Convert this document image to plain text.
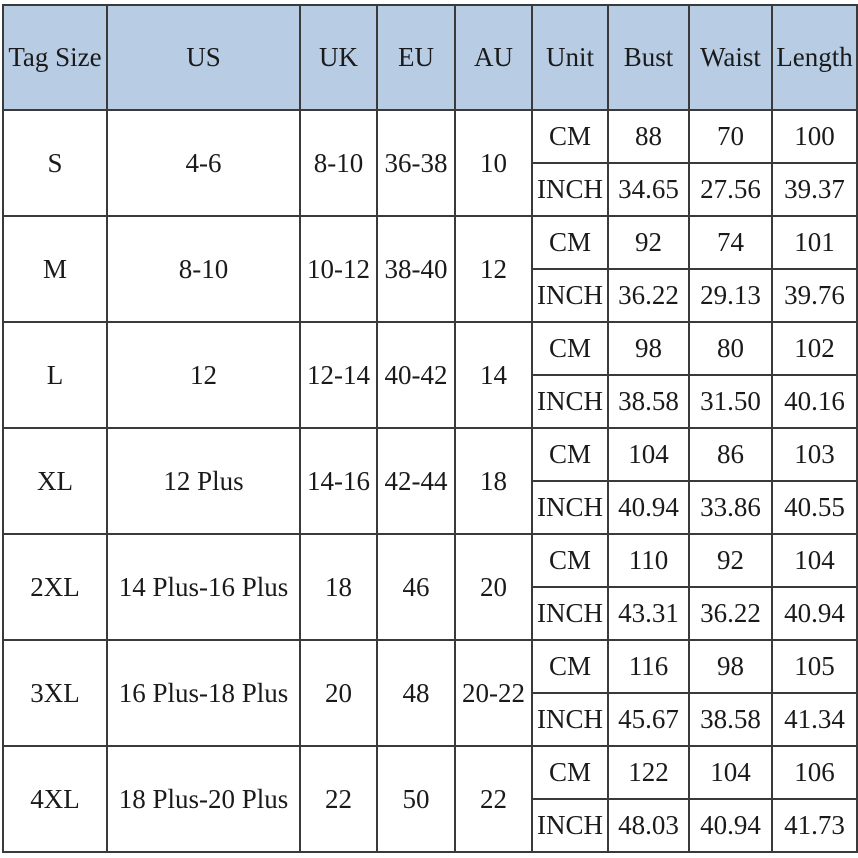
Tag Size	US	UK	EU	AU	Unit	Bust	Waist	Length
S	4-6	8-10	36-38	10	CM	88	70	100
					INCH	34.65	27.56	39.37
M	8-10	10-12	38-40	12	CM	92	74	101
					INCH	36.22	29.13	39.76
L	12	12-14	40-42	14	CM	98	80	102
					INCH	38.58	31.50	40.16
XL	12 Plus	14-16	42-44	18	CM	104	86	103
					INCH	40.94	33.86	40.55
2XL	14 Plus-16 Plus	18	46	20	CM	110	92	104
					INCH	43.31	36.22	40.94
3XL	16 Plus-18 Plus	20	48	20-22	CM	116	98	105
					INCH	45.67	38.58	41.34
4XL	18 Plus-20 Plus	22	50	22	CM	122	104	106
					INCH	48.03	40.94	41.73
